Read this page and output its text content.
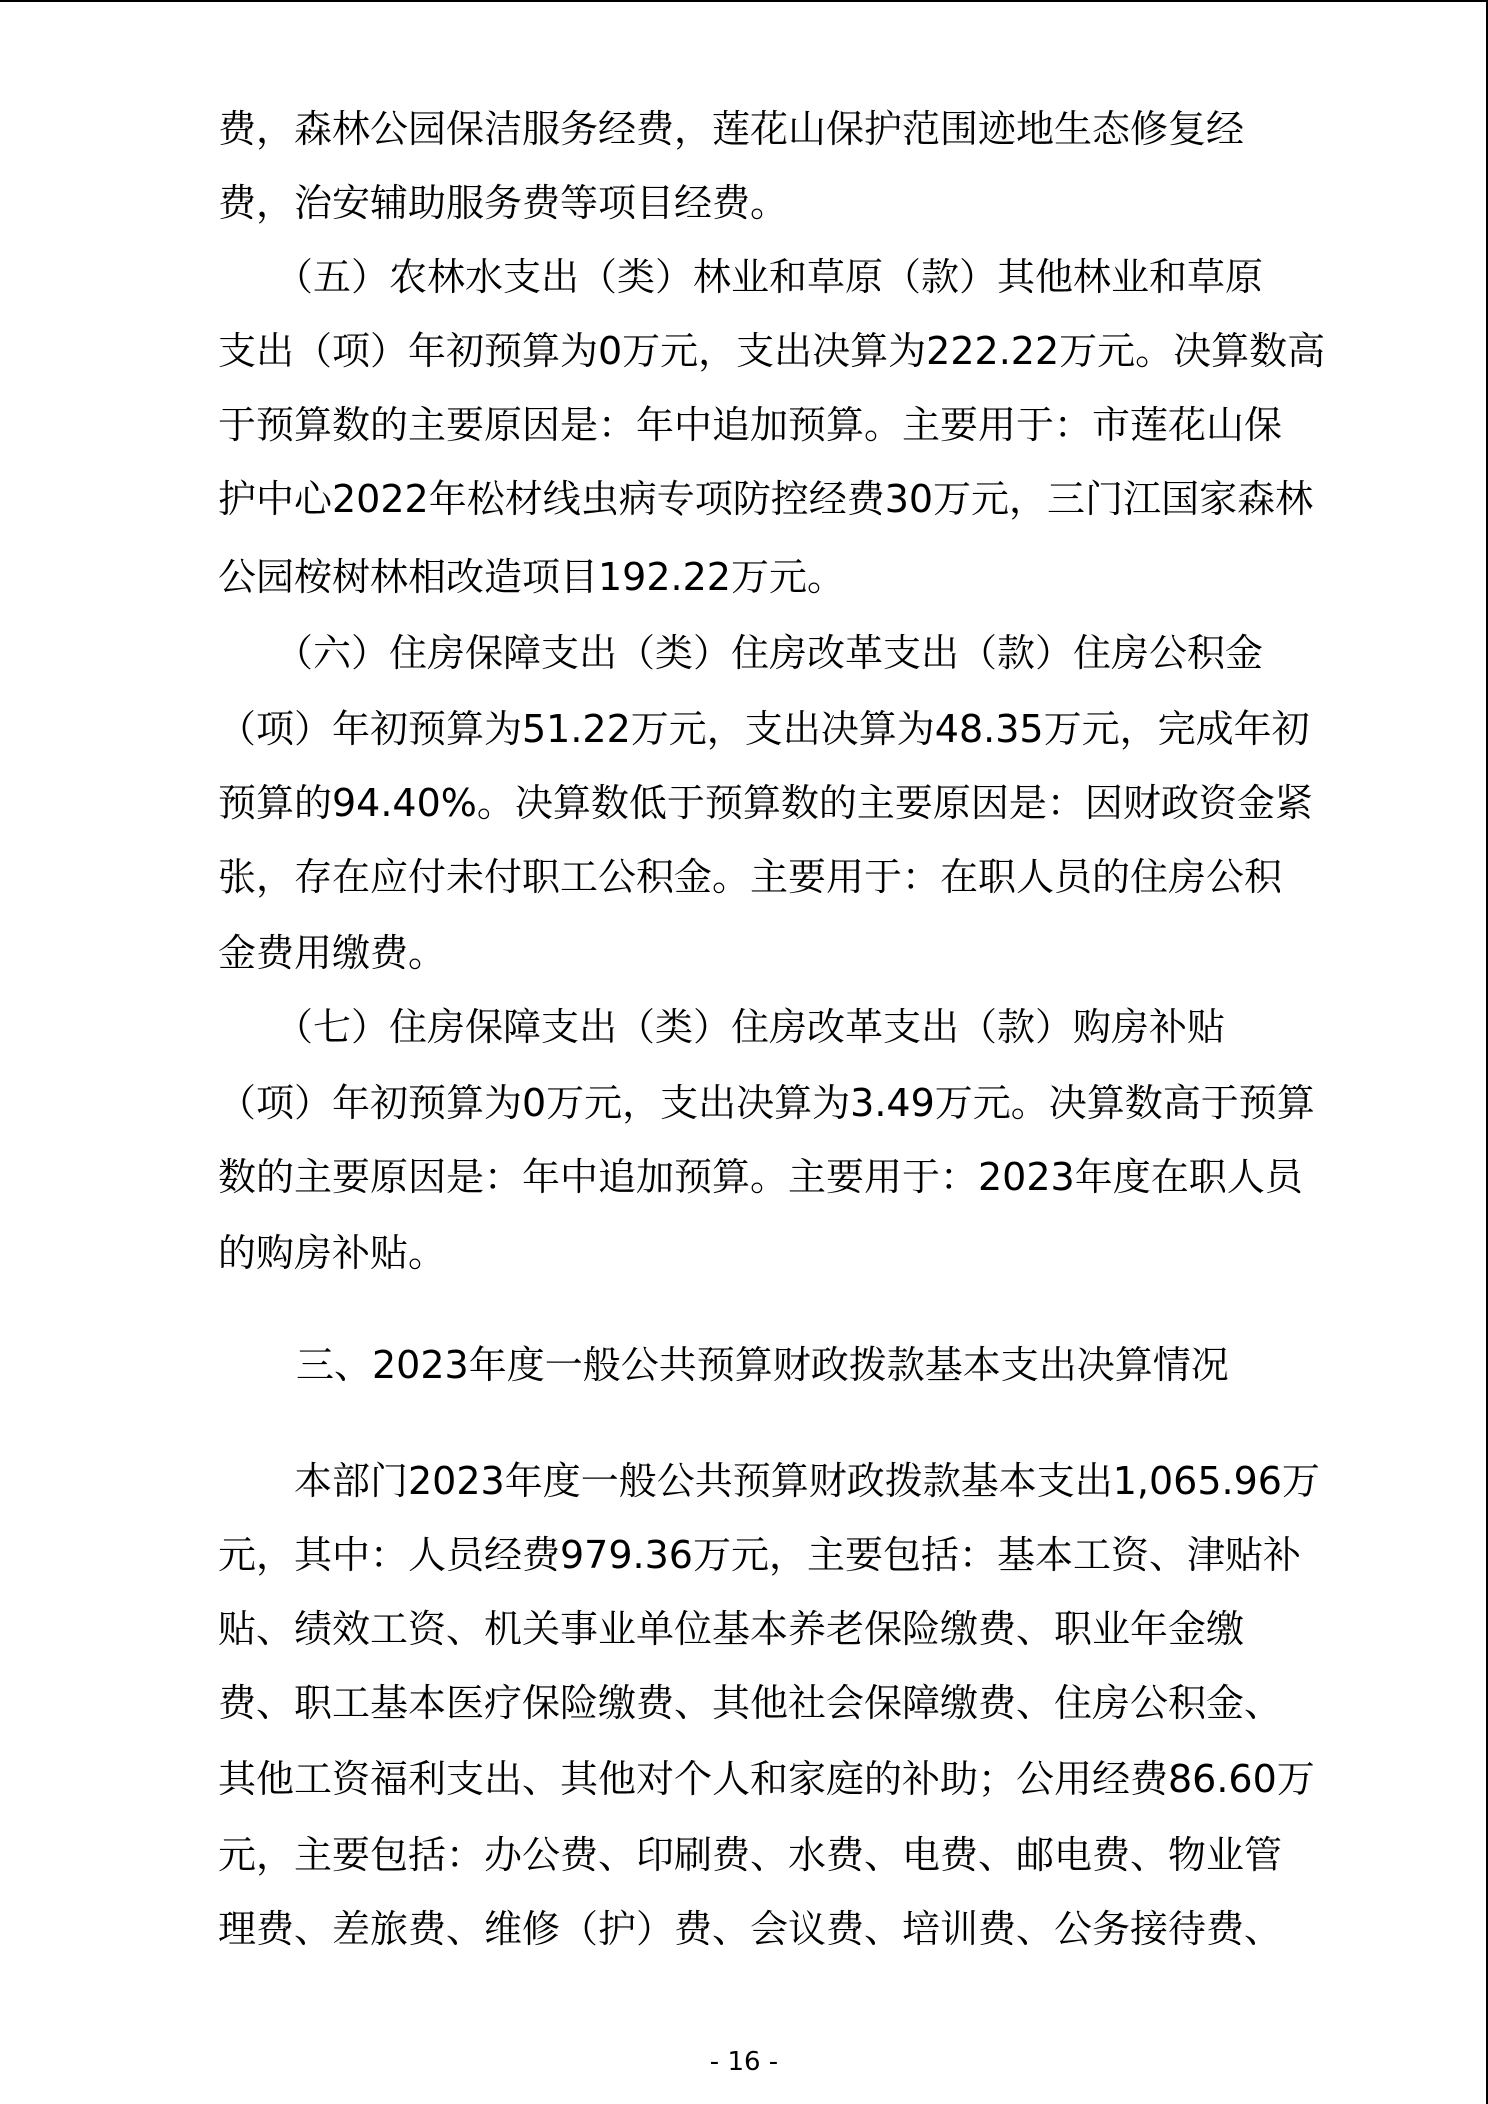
费，森林公园保洁服务经费，莲花山保护范围迹地生态修复经
费，治安辅助服务费等项目经费。
　　（五）农林水支出（类）林业和草原（款）其他林业和草原
支出（项）年初预算为0万元，支出决算为222.22万元。决算数高
于预算数的主要原因是：年中追加预算。主要用于：市莲花山保
护中心2022年松材线虫病专项防控经费30万元，三门江国家森林
公园桉树林相改造项目192.22万元。
　　（六）住房保障支出（类）住房改革支出（款）住房公积金
（项）年初预算为51.22万元，支出决算为48.35万元，完成年初
预算的94.40%。决算数低于预算数的主要原因是：因财政资金紧
张，存在应付未付职工公积金。主要用于：在职人员的住房公积
金费用缴费。
　　（七）住房保障支出（类）住房改革支出（款）购房补贴
（项）年初预算为0万元，支出决算为3.49万元。决算数高于预算
数的主要原因是：年中追加预算。主要用于：2023年度在职人员
的购房补贴。
三、2023年度一般公共预算财政拨款基本支出决算情况
　　本部门2023年度一般公共预算财政拨款基本支出1,065.96万
元，其中：人员经费979.36万元，主要包括：基本工资、津贴补
贴、绩效工资、机关事业单位基本养老保险缴费、职业年金缴
费、职工基本医疗保险缴费、其他社会保障缴费、住房公积金、
其他工资福利支出、其他对个人和家庭的补助；公用经费86.60万
元，主要包括：办公费、印刷费、水费、电费、邮电费、物业管
理费、差旅费、维修（护）费、会议费、培训费、公务接待费、
- 16 -
